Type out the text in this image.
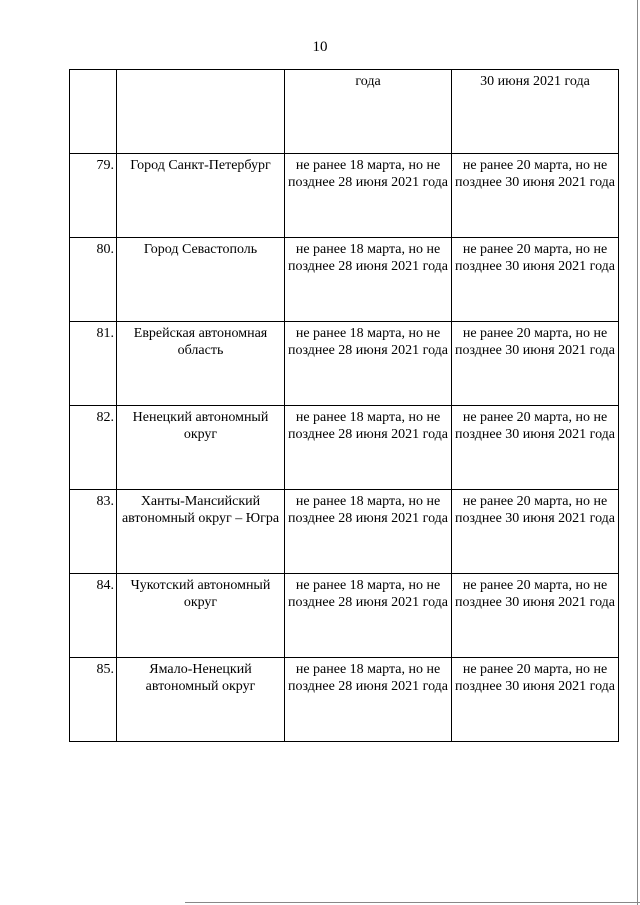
10
		года	30 июня 2021 года
79.	Город Санкт-Петербург	не ранее 18 марта, но не позднее 28 июня 2021 года	не ранее 20 марта, но не позднее 30 июня 2021 года
80.	Город Севастополь	не ранее 18 марта, но не позднее 28 июня 2021 года	не ранее 20 марта, но не позднее 30 июня 2021 года
81.	Еврейская автономная область	не ранее 18 марта, но не позднее 28 июня 2021 года	не ранее 20 марта, но не позднее 30 июня 2021 года
82.	Ненецкий автономный округ	не ранее 18 марта, но не позднее 28 июня 2021 года	не ранее 20 марта, но не позднее 30 июня 2021 года
83.	Ханты-Мансийский автономный округ – Югра	не ранее 18 марта, но не позднее 28 июня 2021 года	не ранее 20 марта, но не позднее 30 июня 2021 года
84.	Чукотский автономный округ	не ранее 18 марта, но не позднее 28 июня 2021 года	не ранее 20 марта, но не позднее 30 июня 2021 года
85.	Ямало-Ненецкий автономный округ	не ранее 18 марта, но не позднее 28 июня 2021 года	не ранее 20 марта, но не позднее 30 июня 2021 года
